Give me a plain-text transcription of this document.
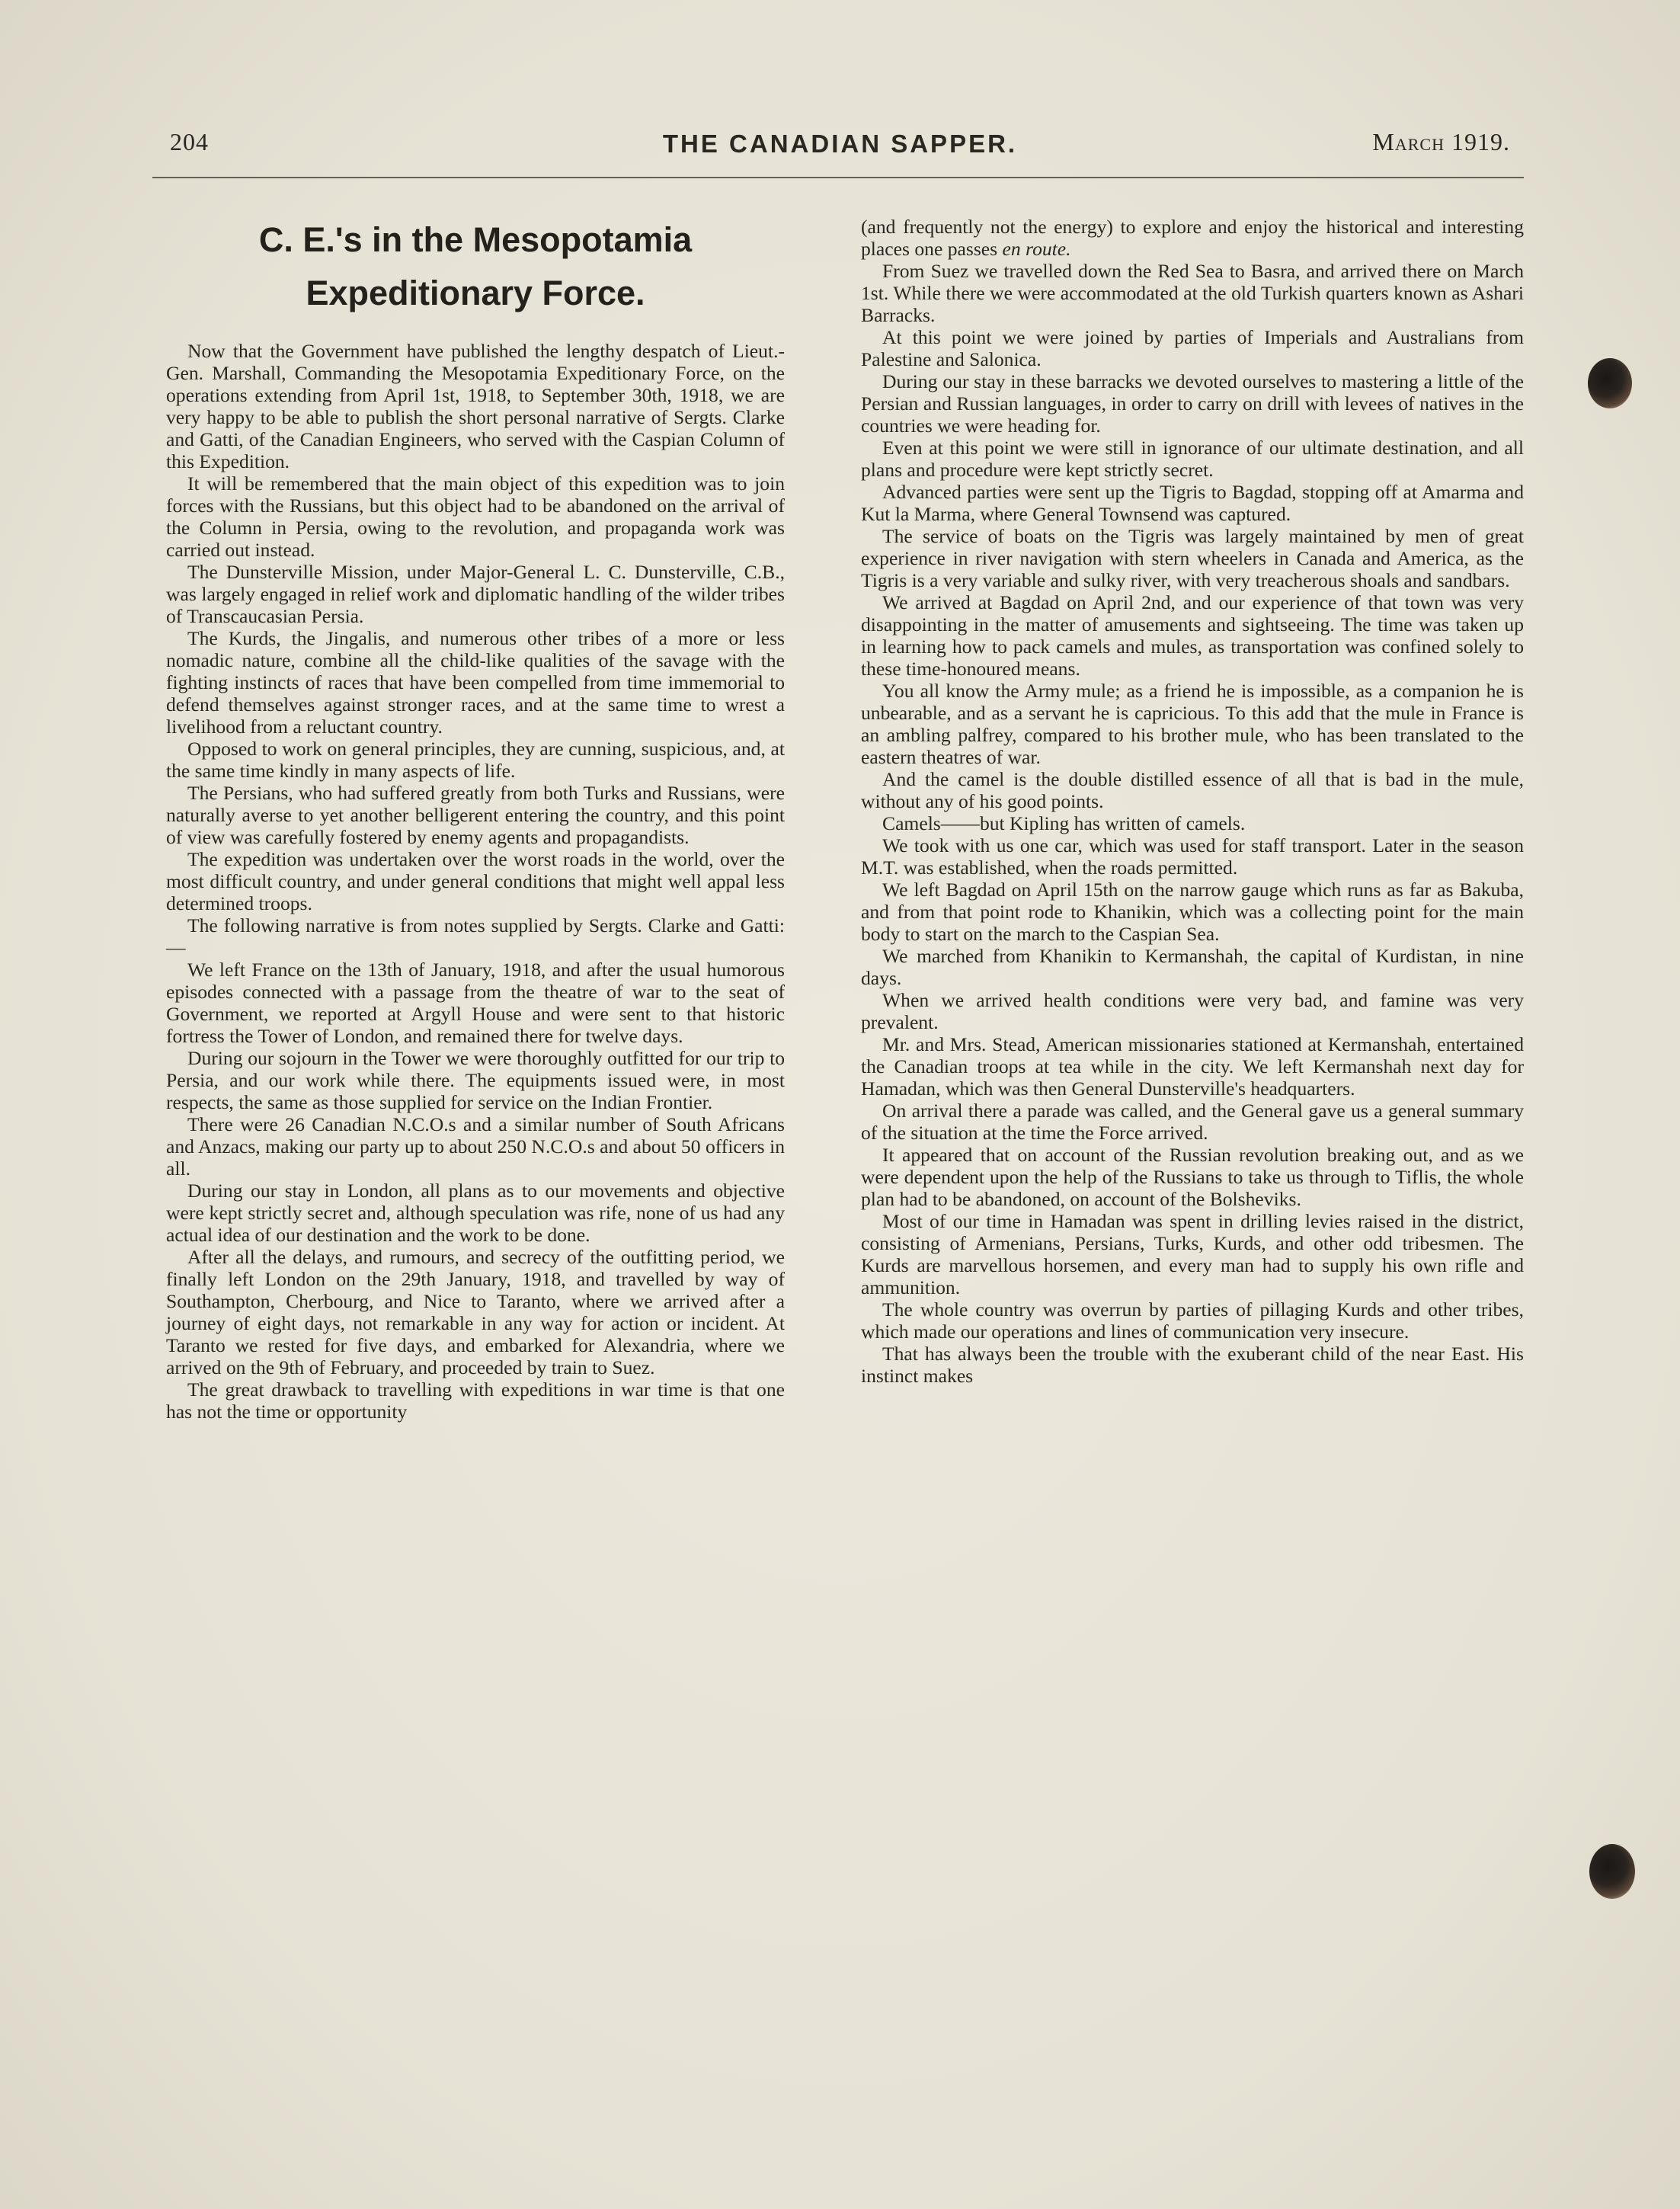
204	THE CANADIAN SAPPER.	March 1919.
C. E.'s in the Mesopotamia Expeditionary Force.

Now that the Government have published the lengthy despatch of Lieut.-Gen. Marshall, Commanding the Mesopotamia Expeditionary Force, on the operations extending from April 1st, 1918, to September 30th, 1918, we are very happy to be able to publish the short personal narrative of Sergts. Clarke and Gatti, of the Canadian Engineers, who served with the Caspian Column of this Expedition.

It will be remembered that the main object of this expedition was to join forces with the Russians, but this object had to be abandoned on the arrival of the Column in Persia, owing to the revolution, and propaganda work was carried out instead.

The Dunsterville Mission, under Major-General L. C. Dunsterville, C.B., was largely engaged in relief work and diplomatic handling of the wilder tribes of Transcaucasian Persia.

The Kurds, the Jingalis, and numerous other tribes of a more or less nomadic nature, combine all the child-like qualities of the savage with the fighting instincts of races that have been compelled from time immemorial to defend themselves against stronger races, and at the same time to wrest a livelihood from a reluctant country.

Opposed to work on general principles, they are cunning, suspicious, and, at the same time kindly in many aspects of life.

The Persians, who had suffered greatly from both Turks and Russians, were naturally averse to yet another belligerent entering the country, and this point of view was carefully fostered by enemy agents and propagandists.

The expedition was undertaken over the worst roads in the world, over the most difficult country, and under general conditions that might well appal less determined troops.

The following narrative is from notes supplied by Sergts. Clarke and Gatti:—

We left France on the 13th of January, 1918, and after the usual humorous episodes connected with a passage from the theatre of war to the seat of Government, we reported at Argyll House and were sent to that historic fortress the Tower of London, and remained there for twelve days.

During our sojourn in the Tower we were thoroughly outfitted for our trip to Persia, and our work while there. The equipments issued were, in most respects, the same as those supplied for service on the Indian Frontier.

There were 26 Canadian N.C.O.s and a similar number of South Africans and Anzacs, making our party up to about 250 N.C.O.s and about 50 officers in all.

During our stay in London, all plans as to our movements and objective were kept strictly secret and, although speculation was rife, none of us had any actual idea of our destination and the work to be done.

After all the delays, and rumours, and secrecy of the outfitting period, we finally left London on the 29th January, 1918, and travelled by way of Southampton, Cherbourg, and Nice to Taranto, where we arrived after a journey of eight days, not remarkable in any way for action or incident. At Taranto we rested for five days, and embarked for Alexandria, where we arrived on the 9th of February, and proceeded by train to Suez.

The great drawback to travelling with expeditions in war time is that one has not the time or opportunity

(and frequently not the energy) to explore and enjoy the historical and interesting places one passes en route.

From Suez we travelled down the Red Sea to Basra, and arrived there on March 1st. While there we were accommodated at the old Turkish quarters known as Ashari Barracks.

At this point we were joined by parties of Imperials and Australians from Palestine and Salonica.

During our stay in these barracks we devoted ourselves to mastering a little of the Persian and Russian languages, in order to carry on drill with levees of natives in the countries we were heading for.

Even at this point we were still in ignorance of our ultimate destination, and all plans and procedure were kept strictly secret.

Advanced parties were sent up the Tigris to Bagdad, stopping off at Amarma and Kut la Marma, where General Townsend was captured.

The service of boats on the Tigris was largely maintained by men of great experience in river navigation with stern wheelers in Canada and America, as the Tigris is a very variable and sulky river, with very treacherous shoals and sandbars.

We arrived at Bagdad on April 2nd, and our experience of that town was very disappointing in the matter of amusements and sightseeing. The time was taken up in learning how to pack camels and mules, as transportation was confined solely to these time-honoured means.

You all know the Army mule; as a friend he is impossible, as a companion he is unbearable, and as a servant he is capricious. To this add that the mule in France is an ambling palfrey, compared to his brother mule, who has been translated to the eastern theatres of war.

And the camel is the double distilled essence of all that is bad in the mule, without any of his good points.

Camels——but Kipling has written of camels.

We took with us one car, which was used for staff transport. Later in the season M.T. was established, when the roads permitted.

We left Bagdad on April 15th on the narrow gauge which runs as far as Bakuba, and from that point rode to Khanikin, which was a collecting point for the main body to start on the march to the Caspian Sea.

We marched from Khanikin to Kermanshah, the capital of Kurdistan, in nine days.

When we arrived health conditions were very bad, and famine was very prevalent.

Mr. and Mrs. Stead, American missionaries stationed at Kermanshah, entertained the Canadian troops at tea while in the city. We left Kermanshah next day for Hamadan, which was then General Dunsterville's headquarters.

On arrival there a parade was called, and the General gave us a general summary of the situation at the time the Force arrived.

It appeared that on account of the Russian revolution breaking out, and as we were dependent upon the help of the Russians to take us through to Tiflis, the whole plan had to be abandoned, on account of the Bolsheviks.

Most of our time in Hamadan was spent in drilling levies raised in the district, consisting of Armenians, Persians, Turks, Kurds, and other odd tribesmen. The Kurds are marvellous horsemen, and every man had to supply his own rifle and ammunition.

The whole country was overrun by parties of pillaging Kurds and other tribes, which made our operations and lines of communication very insecure.

That has always been the trouble with the exuberant child of the near East. His instinct makes
